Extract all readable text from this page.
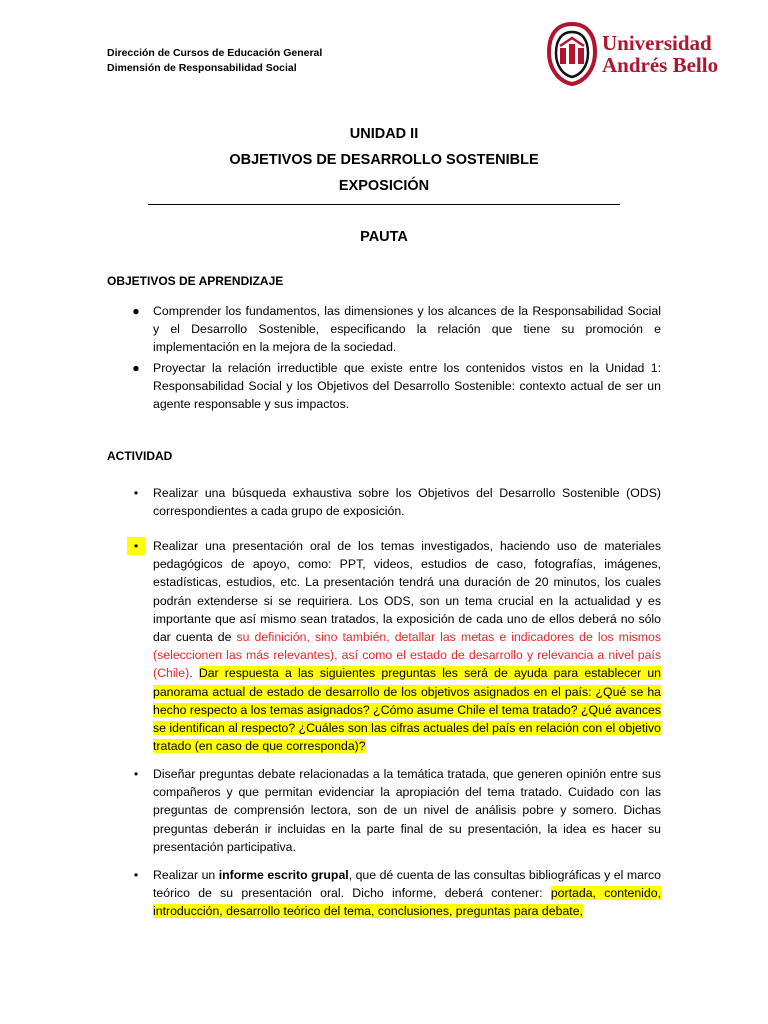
Dirección de Cursos de Educación General
Dimensión de Responsabilidad Social
Universidad
Andrés Bello
UNIDAD II
OBJETIVOS DE DESARROLLO SOSTENIBLE
EXPOSICIÓN
PAUTA
OBJETIVOS DE APRENDIZAJE
● Comprender los fundamentos, las dimensiones y los alcances de la Responsabilidad Social y el Desarrollo Sostenible, especificando la relación que tiene su promoción e implementación en la mejora de la sociedad.
● Proyectar la relación irreductible que existe entre los contenidos vistos en la Unidad 1: Responsabilidad Social y los Objetivos del Desarrollo Sostenible: contexto actual de ser un agente responsable y sus impactos.
ACTIVIDAD
•	Realizar una búsqueda exhaustiva sobre los Objetivos del Desarrollo Sostenible (ODS) correspondientes a cada grupo de exposición.
•	Realizar una presentación oral de los temas investigados, haciendo uso de materiales pedagógicos de apoyo, como: PPT, videos, estudios de caso, fotografías, imágenes, estadísticas, estudios, etc. La presentación tendrá una duración de 20 minutos, los cuales podrán extenderse si se requiriera. Los ODS, son un tema crucial en la actualidad y es importante que así mismo sean tratados, la exposición de cada uno de ellos deberá no sólo dar cuenta de su definición, sino también, detallar las metas e indicadores de los mismos (seleccionen las más relevantes), así como el estado de desarrollo y relevancia a nivel país (Chile). Dar respuesta a las siguientes preguntas les será de ayuda para establecer un panorama actual de estado de desarrollo de los objetivos asignados en el país: ¿Qué se ha hecho respecto a los temas asignados? ¿Cómo asume Chile el tema tratado? ¿Qué avances se identifican al respecto? ¿Cuáles son las cifras actuales del país en relación con el objetivo tratado (en caso de que corresponda)?
•	Diseñar preguntas debate relacionadas a la temática tratada, que generen opinión entre sus compañeros y que permitan evidenciar la apropiación del tema tratado. Cuidado con las preguntas de comprensión lectora, son de un nivel de análisis pobre y somero. Dichas preguntas deberán ir incluidas en la parte final de su presentación, la idea es hacer su presentación participativa.
•	Realizar un informe escrito grupal, que dé cuenta de las consultas bibliográficas y el marco teórico de su presentación oral. Dicho informe, deberá contener: portada, contenido, introducción, desarrollo teórico del tema, conclusiones, preguntas para debate,
